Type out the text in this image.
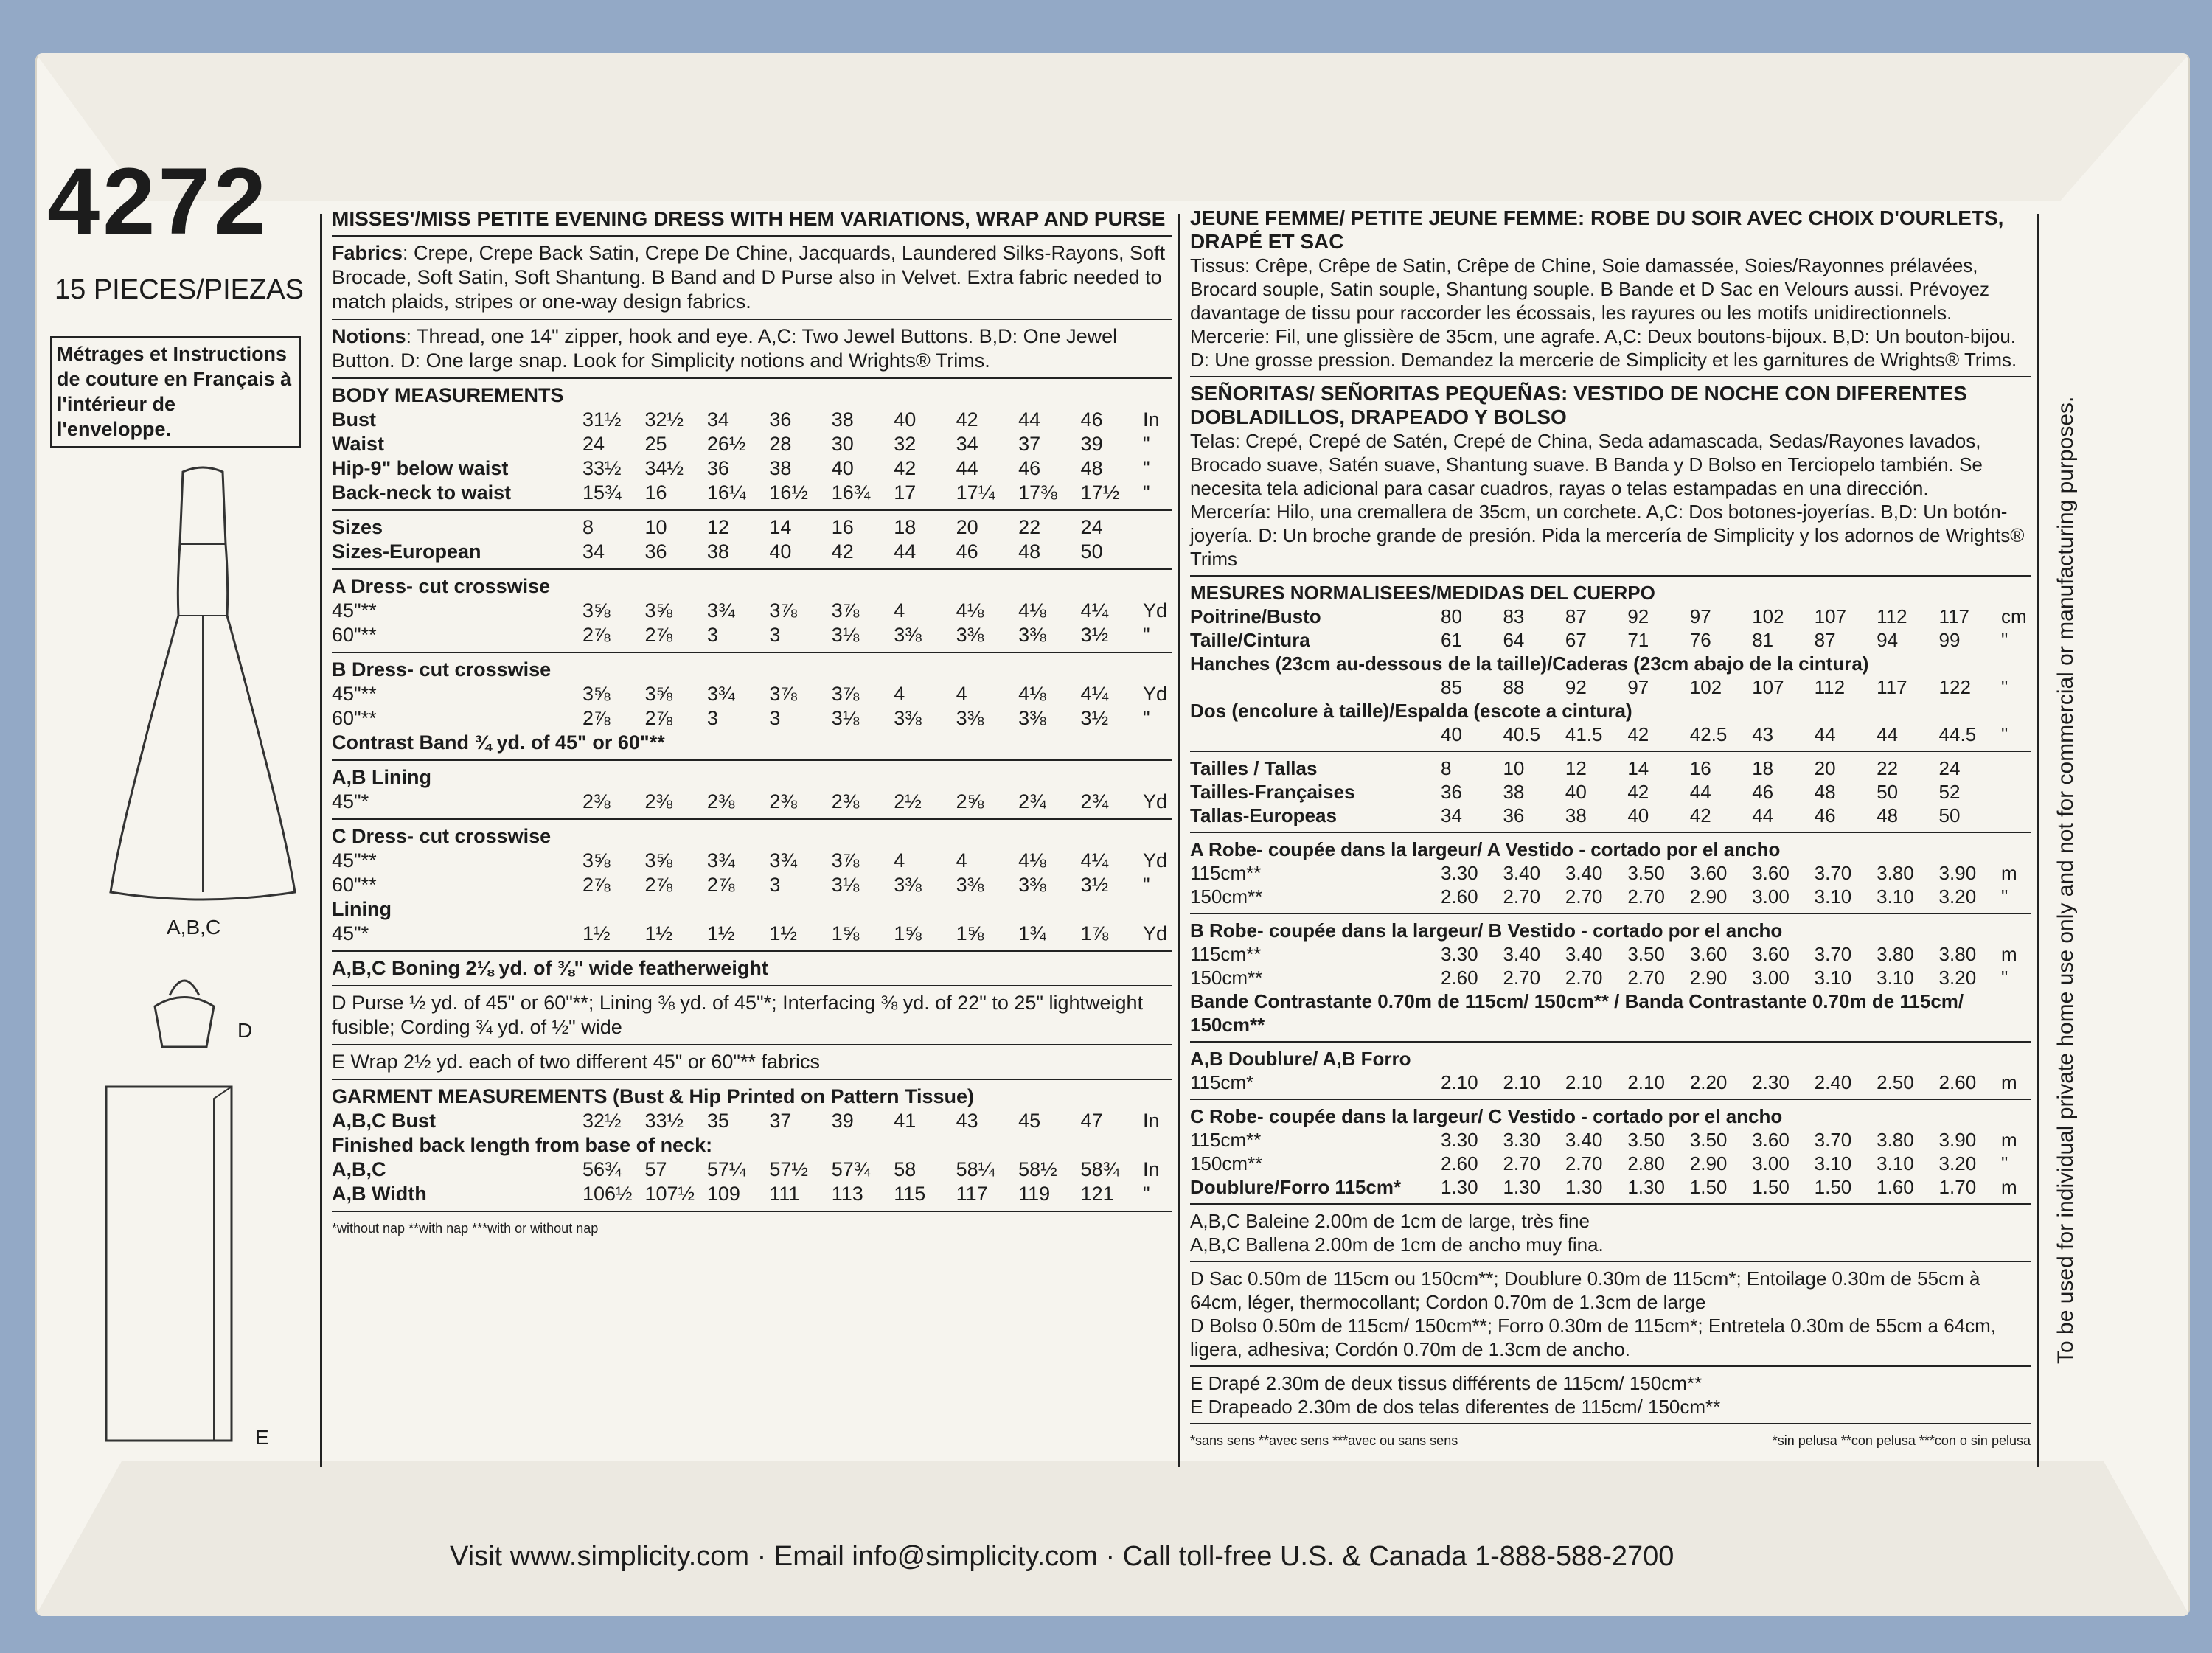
4272
15 PIECES/PIEZAS
Métrages et Instructions
de couture en Français à
l'intérieur de
l'enveloppe.
A,B,C
D
E
MISSES'/MISS PETITE EVENING DRESS WITH HEM VARIATIONS, WRAP AND PURSE
Fabrics: Crepe, Crepe Back Satin, Crepe De Chine, Jacquards, Laundered Silks-Rayons, Soft Brocade, Soft Satin, Soft Shantung. B Band and D Purse also in Velvet. Extra fabric needed to match plaids, stripes or one-way design fabrics.
Notions: Thread, one 14" zipper, hook and eye. A,C: Two Jewel Buttons. B,D: One Jewel Button. D: One large snap. Look for Simplicity notions and Wrights® Trims.
BODY MEASUREMENTS
Bust	31½	32½	34	36	38	40	42	44	46	In
Waist	24	25	26½	28	30	32	34	37	39	"
Hip-9" below waist	33½	34½	36	38	40	42	44	46	48	"
Back-neck to waist	15¾	16	16¼	16½	16¾	17	17¼	17⅜	17½	"
Sizes	8	10	12	14	16	18	20	22	24
Sizes-European	34	36	38	40	42	44	46	48	50
A Dress- cut crosswise
45"**	3⅝	3⅝	3¾	3⅞	3⅞	4	4⅛	4⅛	4¼	Yd
60"**	2⅞	2⅞	3	3	3⅛	3⅜	3⅜	3⅜	3½	"
B Dress- cut crosswise
45"**	3⅝	3⅝	3¾	3⅞	3⅞	4	4	4⅛	4¼	Yd
60"**	2⅞	2⅞	3	3	3⅛	3⅜	3⅜	3⅜	3½	"
Contrast Band ¾ yd. of 45" or 60"**
A,B Lining
45"*	2⅜	2⅜	2⅜	2⅜	2⅜	2½	2⅝	2¾	2¾	Yd
C Dress- cut crosswise
45"**	3⅝	3⅝	3¾	3¾	3⅞	4	4	4⅛	4¼	Yd
60"**	2⅞	2⅞	2⅞	3	3⅛	3⅜	3⅜	3⅜	3½	"
Lining
45"*	1½	1½	1½	1½	1⅝	1⅝	1⅝	1¾	1⅞	Yd
A,B,C Boning 2⅛ yd. of ⅜" wide featherweight
D Purse ½ yd. of 45" or 60"**; Lining ⅜ yd. of 45"*; Interfacing ⅜ yd. of 22" to 25" lightweight fusible; Cording ¾ yd. of ½" wide
E Wrap 2½ yd. each of two different 45" or 60"** fabrics
GARMENT MEASUREMENTS (Bust & Hip Printed on Pattern Tissue)
A,B,C Bust	32½	33½	35	37	39	41	43	45	47	In
Finished back length from base of neck:
A,B,C	56¾	57	57¼	57½	57¾	58	58¼	58½	58¾	In
A,B Width	106½ 107½ 109	111	113	115	117	119	121	"
*without nap **with nap ***with or without nap
JEUNE FEMME/ PETITE JEUNE FEMME: ROBE DU SOIR AVEC CHOIX D'OURLETS, DRAPÉ ET SAC
Tissus: Crêpe, Crêpe de Satin, Crêpe de Chine, Soie damassée, Soies/Rayonnes prélavées, Brocard souple, Satin souple, Shantung souple. B Bande et D Sac en Velours aussi. Prévoyez davantage de tissu pour raccorder les écossais, les rayures ou les motifs unidirectionnels.
Mercerie: Fil, une glissière de 35cm, une agrafe. A,C: Deux boutons-bijoux. B,D: Un bouton-bijou. D: Une grosse pression. Demandez la mercerie de Simplicity et les garnitures de Wrights® Trims.
SEÑORITAS/ SEÑORITAS PEQUEÑAS: VESTIDO DE NOCHE CON DIFERENTES DOBLADILLOS, DRAPEADO Y BOLSO
Telas: Crepé, Crepé de Satén, Crepé de China, Seda adamascada, Sedas/Rayones lavados, Brocado suave, Satén suave, Shantung suave. B Banda y D Bolso en Terciopelo también. Se necesita tela adicional para casar cuadros, rayas o telas estampadas en una dirección.
Mercería: Hilo, una cremallera de 35cm, un corchete. A,C: Dos botones-joyerías. B,D: Un botón-joyería. D: Un broche grande de presión. Pida la mercería de Simplicity y los adornos de Wrights® Trims
MESURES NORMALISEES/MEDIDAS DEL CUERPO
Poitrine/Busto	80	83	87	92	97	102	107	112	117	cm
Taille/Cintura	61	64	67	71	76	81	87	94	99	"
Hanches (23cm au-dessous de la taille)/Caderas (23cm abajo de la cintura)
85	88	92	97	102	107	112	117	122	"
Dos (encolure à taille)/Espalda (escote a cintura)
40	40.5	41.5	42	42.5	43	44	44	44.5	"
Tailles / Tallas	8	10	12	14	16	18	20	22	24
Tailles-Françaises	36	38	40	42	44	46	48	50	52
Tallas-Europeas	34	36	38	40	42	44	46	48	50
A Robe- coupée dans la largeur/ A Vestido - cortado por el ancho
115cm**	3.30	3.40	3.40	3.50	3.60	3.60	3.70	3.80	3.90	m
150cm**	2.60	2.70	2.70	2.70	2.90	3.00	3.10	3.10	3.20	"
B Robe- coupée dans la largeur/ B Vestido - cortado por el ancho
115cm**	3.30	3.40	3.40	3.50	3.60	3.60	3.70	3.80	3.80	m
150cm**	2.60	2.70	2.70	2.70	2.90	3.00	3.10	3.10	3.20	"
Bande Contrastante 0.70m de 115cm/ 150cm** / Banda Contrastante 0.70m de 115cm/ 150cm**
A,B Doublure/ A,B Forro
115cm*	2.10	2.10	2.10	2.10	2.20	2.30	2.40	2.50	2.60	m
C Robe- coupée dans la largeur/ C Vestido - cortado por el ancho
115cm**	3.30	3.30	3.40	3.50	3.50	3.60	3.70	3.80	3.90	m
150cm**	2.60	2.70	2.70	2.80	2.90	3.00	3.10	3.10	3.20	"
Doublure/Forro 115cm*	1.30	1.30	1.30	1.30	1.50	1.50	1.50	1.60	1.70	m
A,B,C Baleine 2.00m de 1cm de large, très fine
A,B,C Ballena 2.00m de 1cm de ancho muy fina.
D Sac 0.50m de 115cm ou 150cm**; Doublure 0.30m de 115cm*; Entoilage 0.30m de 55cm à 64cm, léger, thermocollant; Cordon 0.70m de 1.3cm de large
D Bolso 0.50m de 115cm/ 150cm**; Forro 0.30m de 115cm*; Entretela 0.30m de 55cm a 64cm, ligera, adhesiva; Cordón 0.70m de 1.3cm de ancho.
E Drapé 2.30m de deux tissus différents de 115cm/ 150cm**
E Drapeado 2.30m de dos telas diferentes de 115cm/ 150cm**
*sans sens **avec sens ***avec ou sans sens	*sin pelusa **con pelusa ***con o sin pelusa
To be used for individual private home use only and not for commercial or manufacturing purposes.
Visit www.simplicity.com · Email info@simplicity.com · Call toll-free U.S. & Canada 1-888-588-2700
